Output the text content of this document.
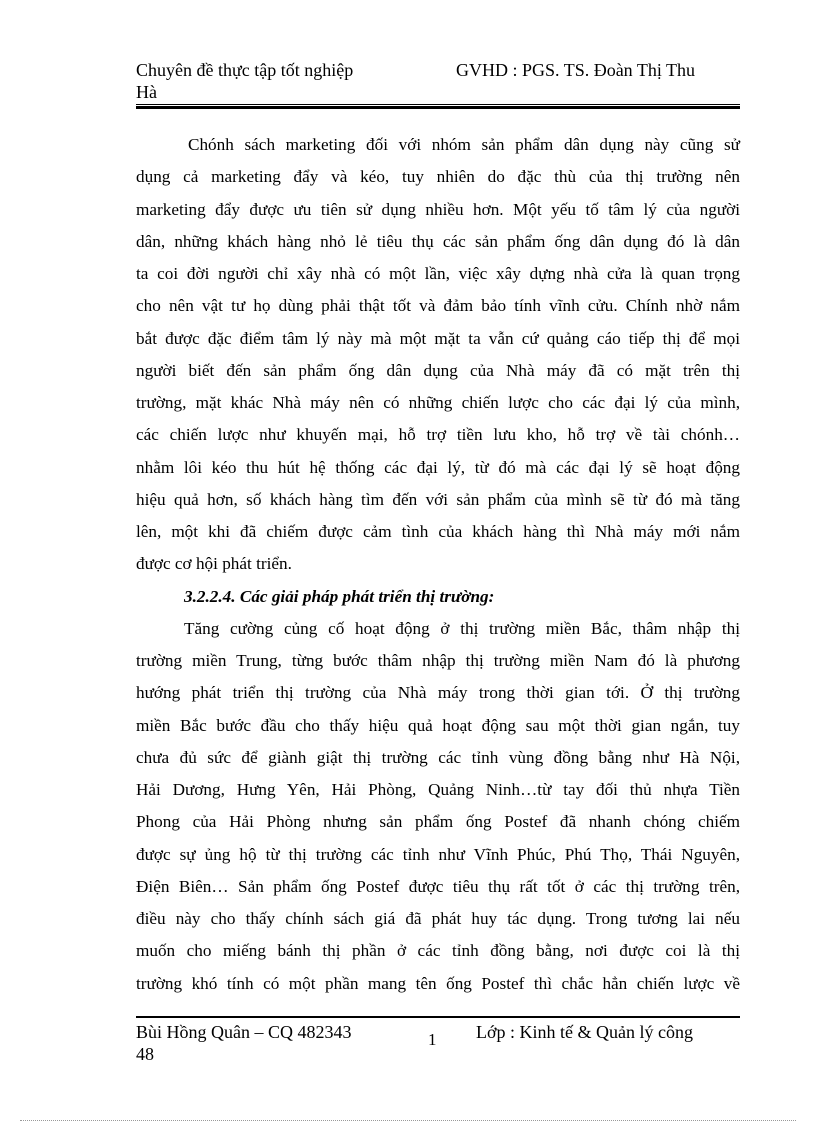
Chuyên đề thực tập tốt nghiệp	GVHD : PGS. TS. Đoàn Thị Thu
Hà
Chónh sách marketing đối với nhóm sản phẩm dân dụng này cũng sử
dụng cả marketing đẩy và kéo, tuy nhiên do đặc thù của thị trường nên
marketing đẩy được ưu tiên sử dụng nhiều hơn. Một yếu tố tâm lý của người
dân, những khách hàng nhỏ lẻ tiêu thụ các sản phẩm ống dân dụng đó là dân
ta coi đời người chỉ xây nhà có một lần, việc xây dựng nhà cửa là quan trọng
cho nên vật tư họ dùng phải thật tốt và đảm bảo tính vĩnh cửu. Chính nhờ nắm
bắt được đặc điểm tâm lý này mà một mặt ta vẫn cứ quảng cáo tiếp thị để mọi
người biết đến sản phẩm ống dân dụng của Nhà máy đã có mặt trên thị
trường, mặt khác Nhà máy nên có những chiến lược cho các đại lý của mình,
các chiến lược như khuyến mại, hỗ trợ tiền lưu kho, hỗ trợ về tài chónh…
nhằm lôi kéo thu hút hệ thống các đại lý, từ đó mà các đại lý sẽ hoạt động
hiệu quả hơn, số khách hàng tìm đến với sản phẩm của mình sẽ từ đó mà tăng
lên, một khi đã chiếm được cảm tình của khách hàng thì Nhà máy mới nắm
được cơ hội phát triển.
3.2.2.4. Các giải pháp phát triển thị trường:
Tăng cường củng cố hoạt động ở thị trường miền Bắc, thâm nhập thị
trường miền Trung, từng bước thâm nhập thị trường miền Nam đó là phương
hướng phát triển thị trường của Nhà máy trong thời gian tới. Ở thị trường
miền Bắc bước đầu cho thấy hiệu quả hoạt động sau một thời gian ngắn, tuy
chưa đủ sức để giành giật thị trường các tỉnh vùng đồng bằng như Hà Nội,
Hải Dương, Hưng Yên, Hải Phòng, Quảng Ninh…từ tay đối thủ nhựa Tiền
Phong của Hải Phòng nhưng sản phẩm ống Postef đã nhanh chóng chiếm
được sự ủng hộ từ thị trường các tỉnh như Vĩnh Phúc, Phú Thọ, Thái Nguyên,
Điện Biên… Sản phẩm ống Postef được tiêu thụ rất tốt ở các thị trường trên,
điều này cho thấy chính sách giá đã phát huy tác dụng. Trong tương lai nếu
muốn cho miếng bánh thị phần ở các tỉnh đồng bằng, nơi được coi là thị
trường khó tính có một phần mang tên ống Postef thì chắc hẳn chiến lược về
Bùi Hồng Quân – CQ 482343	1 Lớp : Kinh tế & Quản lý công
48
